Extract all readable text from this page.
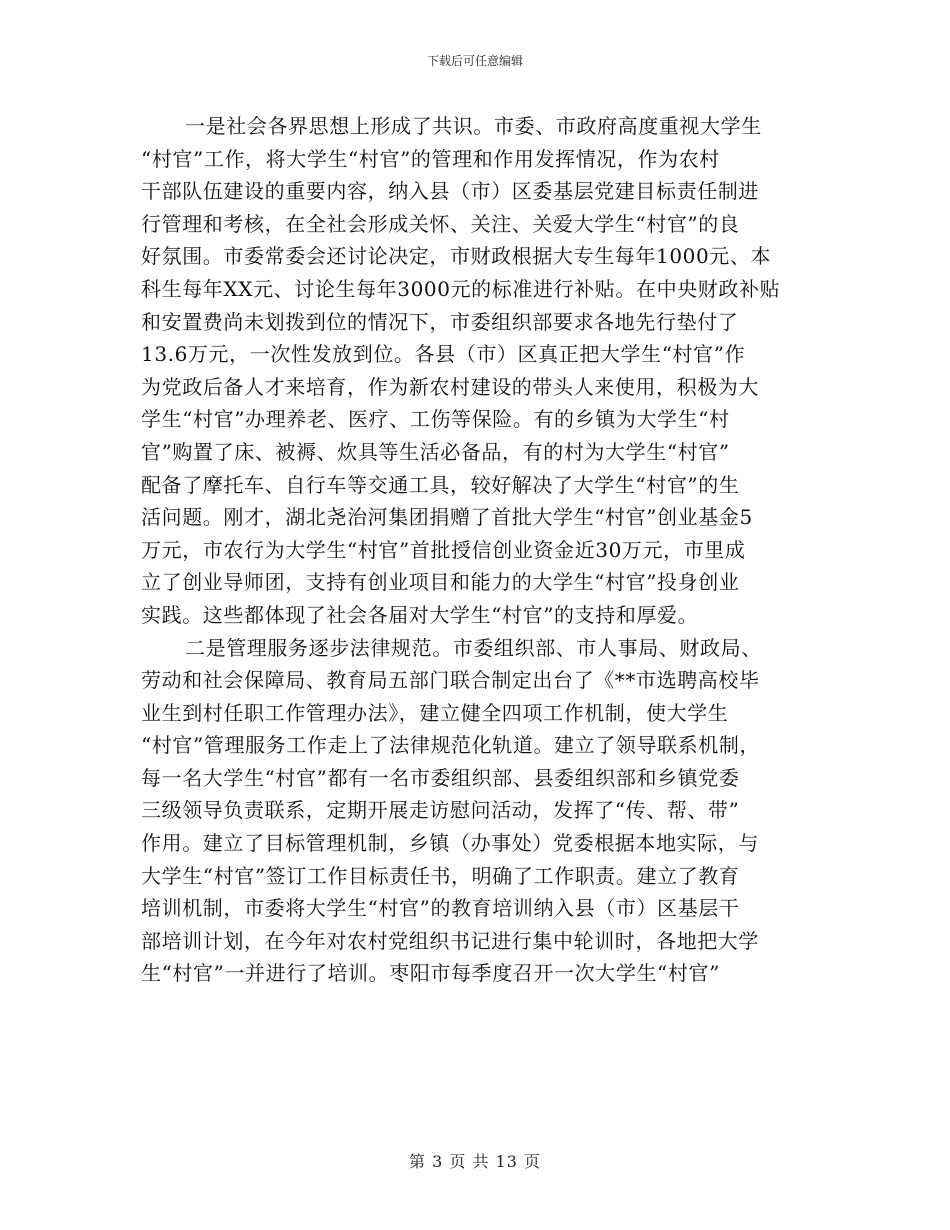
下载后可任意编辑
一是社会各界思想上形成了共识。市委、市政府高度重视大学生
“村官”工作，将大学生“村官”的管理和作用发挥情况，作为农村
干部队伍建设的重要内容，纳入县（市）区委基层党建目标责任制进
行管理和考核，在全社会形成关怀、关注、关爱大学生“村官”的良
好氛围。市委常委会还讨论决定，市财政根据大专生每年1000元、本
科生每年XX元、讨论生每年3000元的标准进行补贴。在中央财政补贴
和安置费尚未划拨到位的情况下，市委组织部要求各地先行垫付了
13.6万元，一次性发放到位。各县（市）区真正把大学生“村官”作
为党政后备人才来培育，作为新农村建设的带头人来使用，积极为大
学生“村官”办理养老、医疗、工伤等保险。有的乡镇为大学生“村
官”购置了床、被褥、炊具等生活必备品，有的村为大学生“村官”
配备了摩托车、自行车等交通工具，较好解决了大学生“村官”的生
活问题。刚才，湖北尧治河集团捐赠了首批大学生“村官”创业基金5
万元，市农行为大学生“村官”首批授信创业资金近30万元，市里成
立了创业导师团，支持有创业项目和能力的大学生“村官”投身创业
实践。这些都体现了社会各届对大学生“村官”的支持和厚爱。
二是管理服务逐步法律规范。市委组织部、市人事局、财政局、
劳动和社会保障局、教育局五部门联合制定出台了《**市选聘高校毕
业生到村任职工作管理办法》，建立健全四项工作机制，使大学生
“村官”管理服务工作走上了法律规范化轨道。建立了领导联系机制，
每一名大学生“村官”都有一名市委组织部、县委组织部和乡镇党委
三级领导负责联系，定期开展走访慰问活动，发挥了“传、帮、带”
作用。建立了目标管理机制，乡镇（办事处）党委根据本地实际，与
大学生“村官”签订工作目标责任书，明确了工作职责。建立了教育
培训机制，市委将大学生“村官”的教育培训纳入县（市）区基层干
部培训计划，在今年对农村党组织书记进行集中轮训时，各地把大学
生“村官”一并进行了培训。枣阳市每季度召开一次大学生“村官”
第 3 页 共 13 页
